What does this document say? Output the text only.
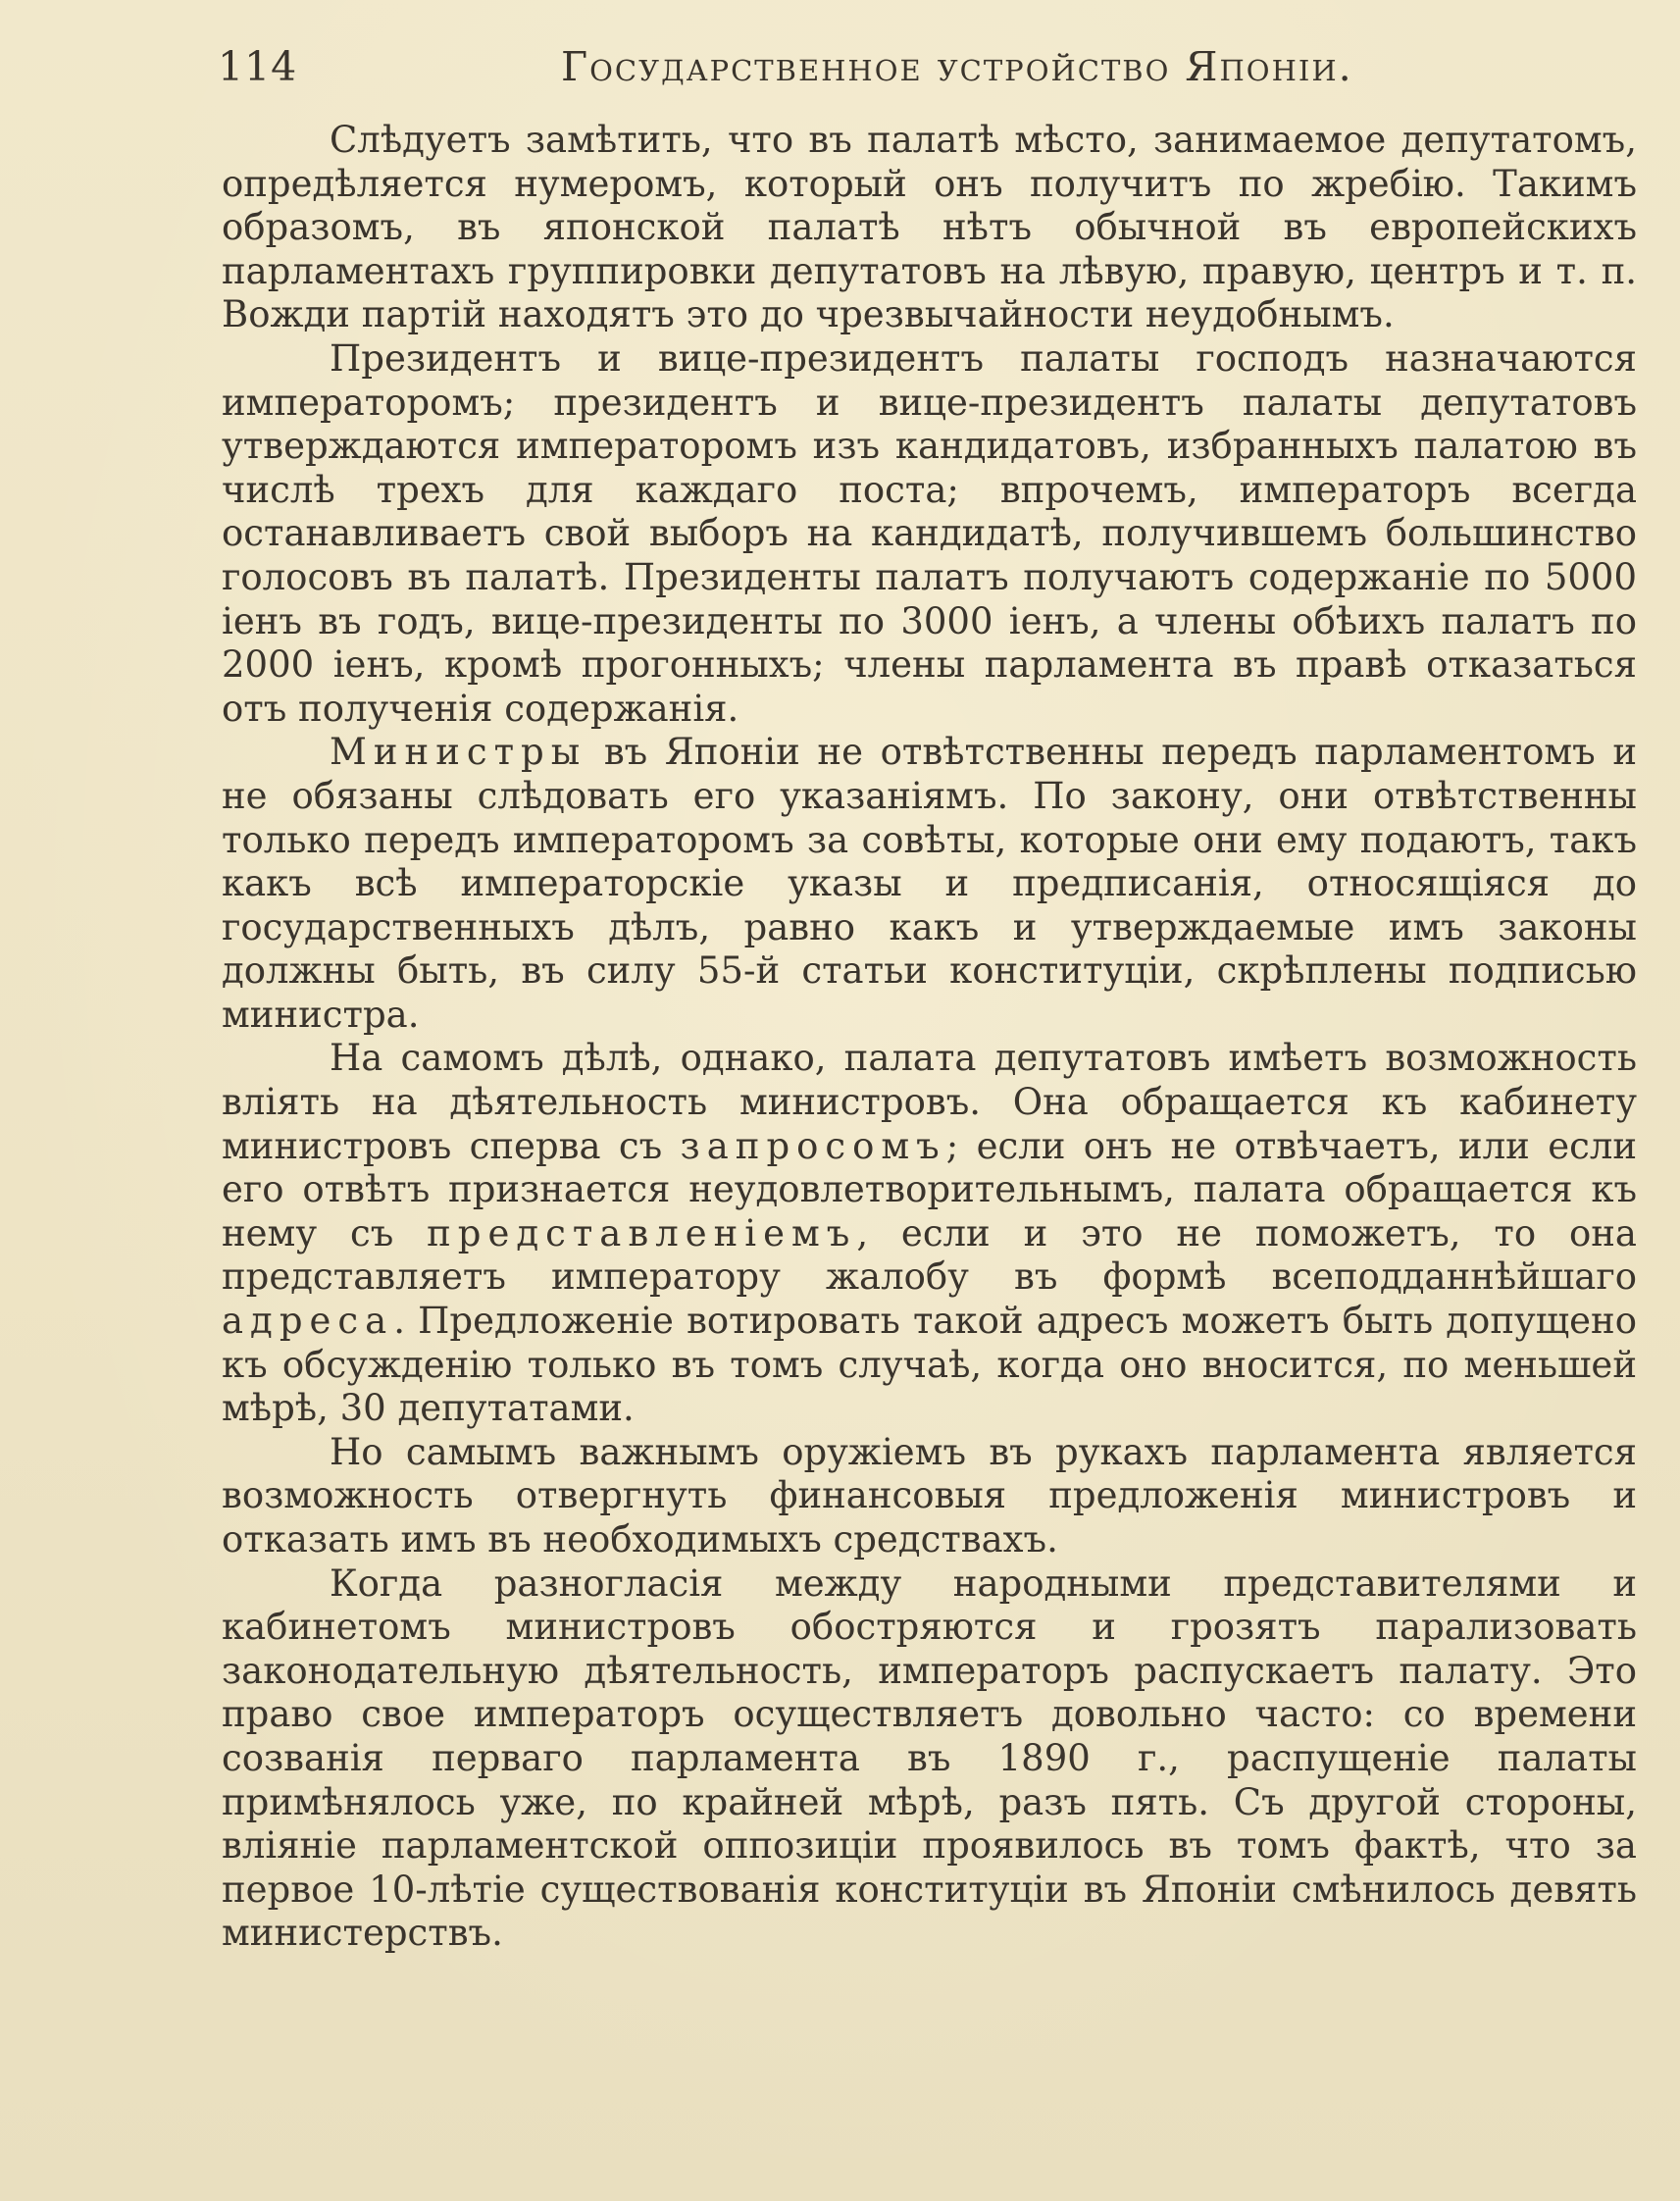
114	Государственное устройство Японіи.

Слѣдуетъ замѣтить, что въ палатѣ мѣсто, занимаемое депутатомъ, опредѣляется нумеромъ, который онъ получитъ по жребію. Такимъ образомъ, въ японской палатѣ нѣтъ обычной въ европейскихъ парламентахъ группировки депутатовъ на лѣвую, правую, центръ и т. п. Вожди партій находятъ это до чрезвычайности неудобнымъ.

Президентъ и вице-президентъ палаты господъ назначаются императоромъ; президентъ и вице-президентъ палаты депутатовъ утверждаются императоромъ изъ кандидатовъ, избранныхъ палатою въ числѣ трехъ для каждаго поста; впрочемъ, императоръ всегда останавливаетъ свой выборъ на кандидатѣ, получившемъ большинство голосовъ въ палатѣ. Президенты палатъ получаютъ содержаніе по 5000 іенъ въ годъ, вице-президенты по 3000 іенъ, а члены обѣихъ палатъ по 2000 іенъ, кромѣ прогонныхъ; члены парламента въ правѣ отказаться отъ полученія содержанія.

Министры въ Японіи не отвѣтственны передъ парламентомъ и не обязаны слѣдовать его указаніямъ. По закону, они отвѣтственны только передъ императоромъ за совѣты, которые они ему подаютъ, такъ какъ всѣ императорскіе указы и предписанія, относящіяся до государственныхъ дѣлъ, равно какъ и утверждаемые имъ законы должны быть, въ силу 55-й статьи конституціи, скрѣплены подписью министра.

На самомъ дѣлѣ, однако, палата депутатовъ имѣетъ возможность вліять на дѣятельность министровъ. Она обращается къ кабинету министровъ сперва съ запросомъ; если онъ не отвѣчаетъ, или если его отвѣтъ признается неудовлетворительнымъ, палата обращается къ нему съ представленіемъ, если и это не поможетъ, то она представляетъ императору жалобу въ формѣ всеподданнѣйшаго адреса. Предложеніе вотировать такой адресъ можетъ быть допущено къ обсужденію только въ томъ случаѣ, когда оно вносится, по меньшей мѣрѣ, 30 депутатами.

Но самымъ важнымъ оружіемъ въ рукахъ парламента является возможность отвергнуть финансовыя предложенія министровъ и отказать имъ въ необходимыхъ средствахъ.

Когда разногласія между народными представителями и кабинетомъ министровъ обостряются и грозятъ парализовать законодательную дѣятельность, императоръ распускаетъ палату. Это право свое императоръ осуществляетъ довольно часто: со времени созванія перваго парламента въ 1890 г., распущеніе палаты примѣнялось уже, по крайней мѣрѣ, разъ пять. Съ другой стороны, вліяніе парламентской оппозиціи проявилось въ томъ фактѣ, что за первое 10-лѣтіе существованія конституціи въ Японіи смѣнилось девять министерствъ.
